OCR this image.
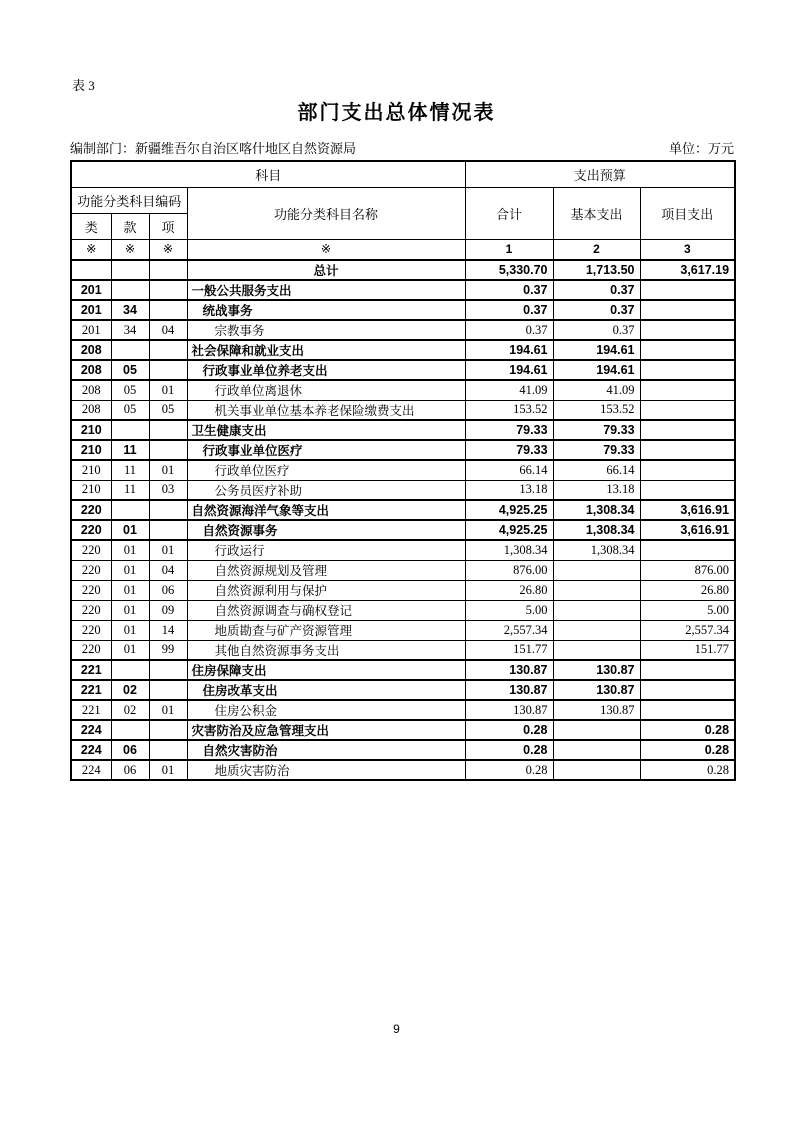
表 3
部门支出总体情况表
编制部门：新疆维吾尔自治区喀什地区自然资源局	单位：万元
科目				支出预算		
功能分类科目编码			功能分类科目名称	合计	基本支出	项目支出
类	款	项				
※	※	※	※	1	2	3
			总计	5,330.70	1,713.50	3,617.19
201			一般公共服务支出	0.37	0.37	
201	34		统战事务	0.37	0.37	
201	34	04	宗教事务	0.37	0.37	
208			社会保障和就业支出	194.61	194.61	
208	05		行政事业单位养老支出	194.61	194.61	
208	05	01	行政单位离退休	41.09	41.09	
208	05	05	机关事业单位基本养老保险缴费支出	153.52	153.52	
210			卫生健康支出	79.33	79.33	
210	11		行政事业单位医疗	79.33	79.33	
210	11	01	行政单位医疗	66.14	66.14	
210	11	03	公务员医疗补助	13.18	13.18	
220			自然资源海洋气象等支出	4,925.25	1,308.34	3,616.91
220	01		自然资源事务	4,925.25	1,308.34	3,616.91
220	01	01	行政运行	1,308.34	1,308.34	
220	01	04	自然资源规划及管理	876.00		876.00
220	01	06	自然资源利用与保护	26.80		26.80
220	01	09	自然资源调查与确权登记	5.00		5.00
220	01	14	地质勘查与矿产资源管理	2,557.34		2,557.34
220	01	99	其他自然资源事务支出	151.77		151.77
221			住房保障支出	130.87	130.87	
221	02		住房改革支出	130.87	130.87	
221	02	01	住房公积金	130.87	130.87	
224			灾害防治及应急管理支出	0.28		0.28
224	06		自然灾害防治	0.28		0.28
224	06	01	地质灾害防治	0.28		0.28
9
